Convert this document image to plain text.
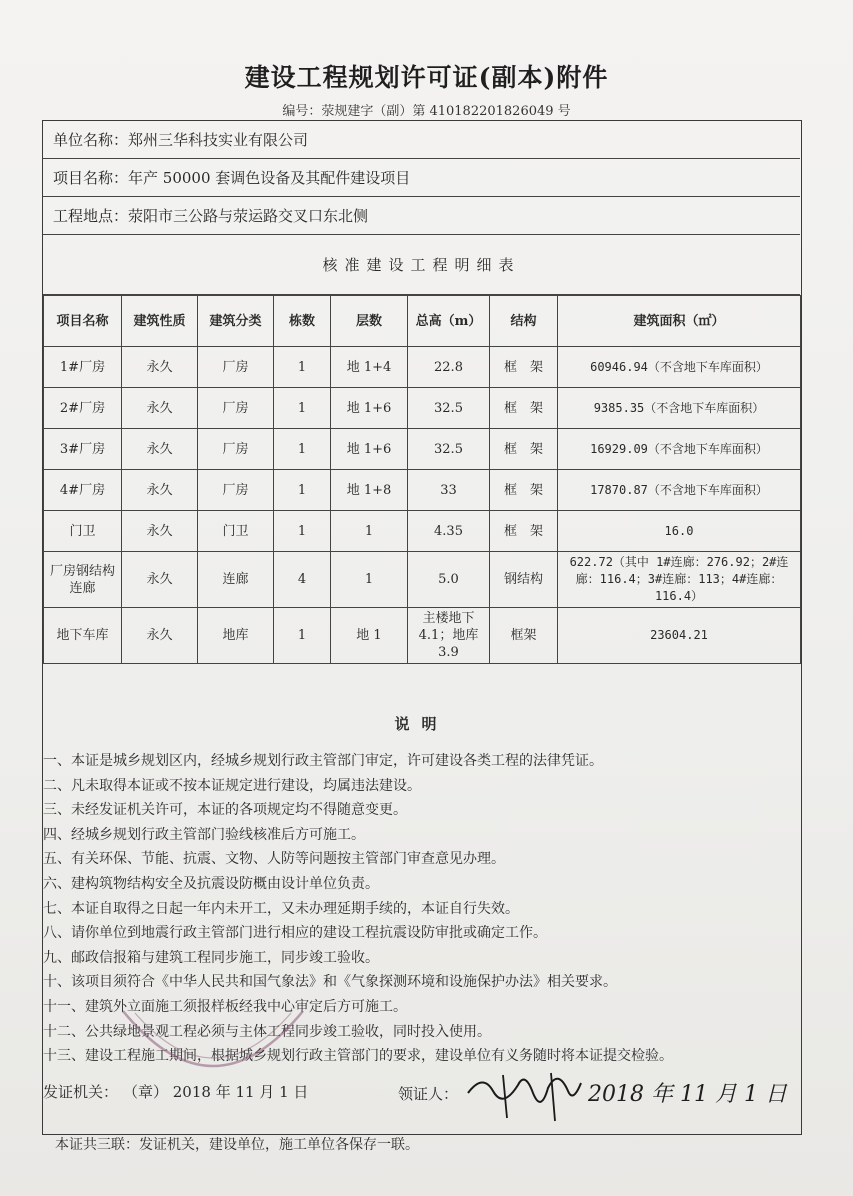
建设工程规划许可证(副本)附件
编号：荥规建字（副）第 410182201826049 号
单位名称：郑州三华科技实业有限公司
项目名称：年产 50000 套调色设备及其配件建设项目
工程地点：荥阳市三公路与荥运路交叉口东北侧
核准建设工程明细表
项目名称	建筑性质	建筑分类	栋数	层数	总高（m）	结构	建筑面积（㎡）
1#厂房	永久	厂房	1	地 1+4	22.8	框　架	60946.94（不含地下车库面积）
2#厂房	永久	厂房	1	地 1+6	32.5	框　架	9385.35（不含地下车库面积）
3#厂房	永久	厂房	1	地 1+6	32.5	框　架	16929.09（不含地下车库面积）
4#厂房	永久	厂房	1	地 1+8	33	框　架	17870.87（不含地下车库面积）
门卫	永久	门卫	1	1	4.35	框　架	16.0
厂房钢结构连廊	永久	连廊	4	1	5.0	钢结构	622.72（其中 1#连廊：276.92；2#连廊：116.4；3#连廊：113；4#连廊：116.4）
地下车库	永久	地库	1	地 1	主楼地下 4.1；地库 3.9	框架	23604.21
说明
一、本证是城乡规划区内，经城乡规划行政主管部门审定，许可建设各类工程的法律凭证。
二、凡未取得本证或不按本证规定进行建设，均属违法建设。
三、未经发证机关许可，本证的各项规定均不得随意变更。
四、经城乡规划行政主管部门验线核准后方可施工。
五、有关环保、节能、抗震、文物、人防等问题按主管部门审查意见办理。
六、建构筑物结构安全及抗震设防概由设计单位负责。
七、本证自取得之日起一年内未开工，又未办理延期手续的，本证自行失效。
八、请你单位到地震行政主管部门进行相应的建设工程抗震设防审批或确定工作。
九、邮政信报箱与建筑工程同步施工，同步竣工验收。
十、该项目须符合《中华人民共和国气象法》和《气象探测环境和设施保护办法》相关要求。
十一、建筑外立面施工须报样板经我中心审定后方可施工。
十二、公共绿地景观工程必须与主体工程同步竣工验收，同时投入使用。
十三、建设工程施工期间，根据城乡规划行政主管部门的要求，建设单位有义务随时将本证提交检验。
发证机关： （章） 2018 年 11 月 1 日	领证人：	2018 年 11 月 1 日
本证共三联：发证机关，建设单位，施工单位各保存一联。
